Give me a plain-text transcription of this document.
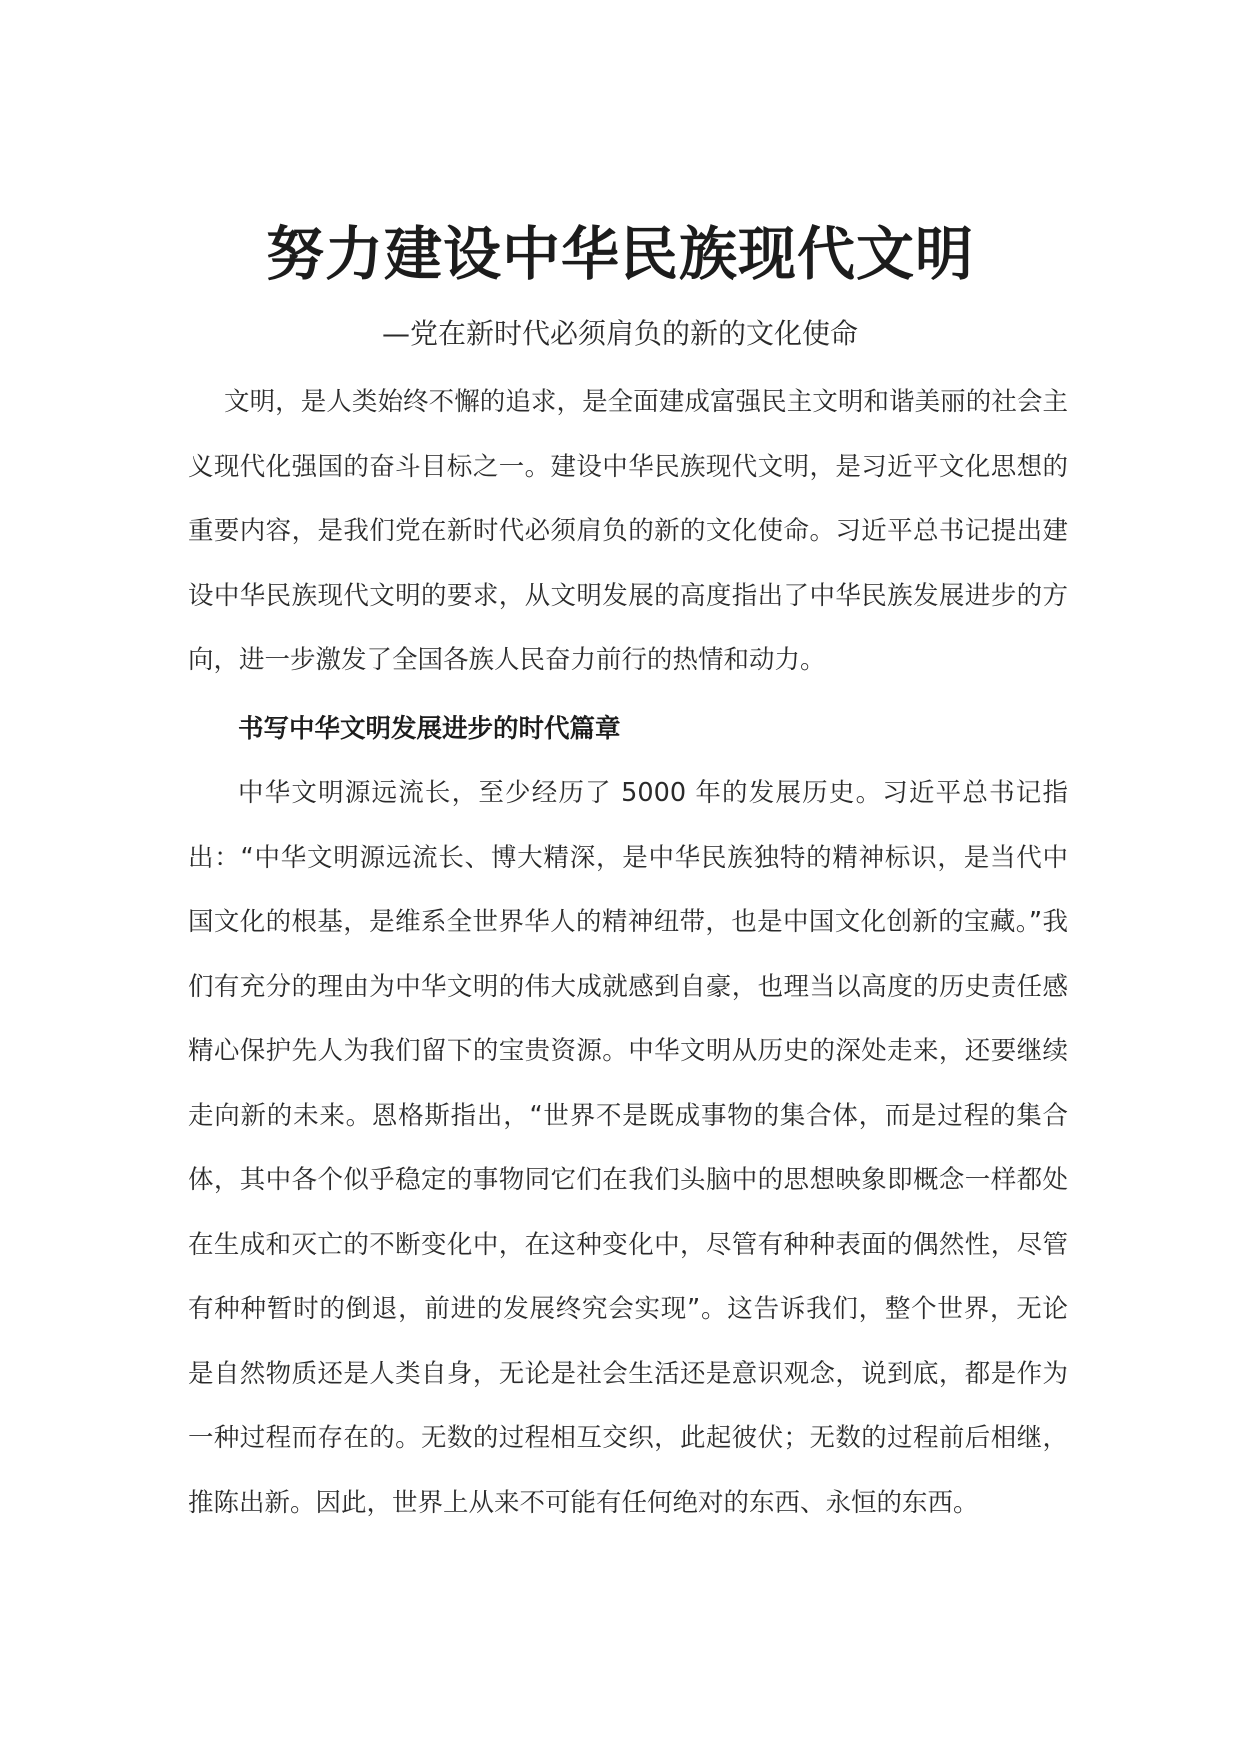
努力建设中华民族现代文明
—党在新时代必须肩负的新的文化使命

文明，是人类始终不懈的追求，是全面建成富强民主文明和谐美丽的社会主义现代化强国的奋斗目标之一。建设中华民族现代文明，是习近平文化思想的重要内容，是我们党在新时代必须肩负的新的文化使命。习近平总书记提出建设中华民族现代文明的要求，从文明发展的高度指出了中华民族发展进步的方向，进一步激发了全国各族人民奋力前行的热情和动力。

书写中华文明发展进步的时代篇章

中华文明源远流长，至少经历了 5000 年的发展历史。习近平总书记指出：“中华文明源远流长、博大精深，是中华民族独特的精神标识，是当代中国文化的根基，是维系全世界华人的精神纽带，也是中国文化创新的宝藏。”我们有充分的理由为中华文明的伟大成就感到自豪，也理当以高度的历史责任感精心保护先人为我们留下的宝贵资源。中华文明从历史的深处走来，还要继续走向新的未来。恩格斯指出，“世界不是既成事物的集合体，而是过程的集合体，其中各个似乎稳定的事物同它们在我们头脑中的思想映象即概念一样都处在生成和灭亡的不断变化中，在这种变化中，尽管有种种表面的偶然性，尽管有种种暂时的倒退，前进的发展终究会实现”。这告诉我们，整个世界，无论是自然物质还是人类自身，无论是社会生活还是意识观念，说到底，都是作为一种过程而存在的。无数的过程相互交织，此起彼伏；无数的过程前后相继，推陈出新。因此，世界上从来不可能有任何绝对的东西、永恒的东西。
